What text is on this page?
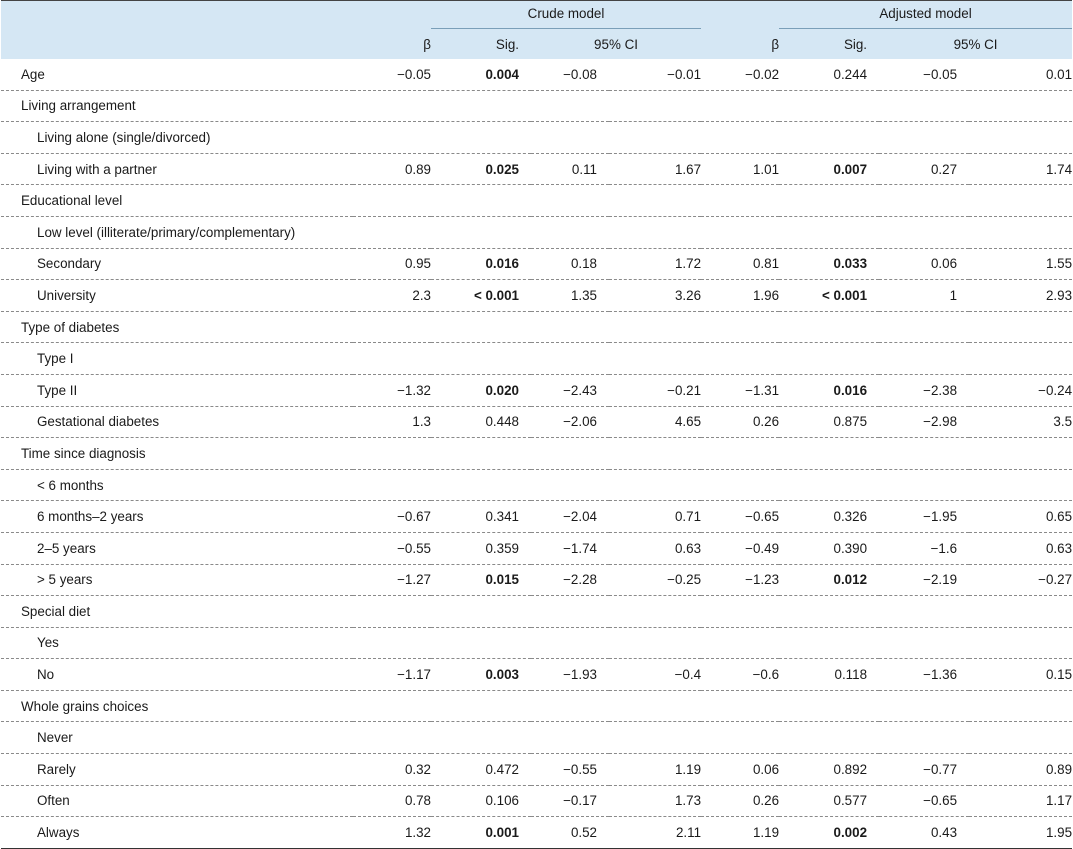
		Crude model				Adjusted model		

	β	Sig.	95% CI		β	Sig.	95% CI	
Age	−0.05	0.004	−0.08	−0.01	−0.02	0.244	−0.05	0.01
Living arrangement								
Living alone (single/divorced)								
Living with a partner	0.89	0.025	0.11	1.67	1.01	0.007	0.27	1.74
Educational level								
Low level (illiterate/primary/complementary)								
Secondary	0.95	0.016	0.18	1.72	0.81	0.033	0.06	1.55
University	2.3	< 0.001	1.35	3.26	1.96	< 0.001	1	2.93
Type of diabetes								
Type I								
Type II	−1.32	0.020	−2.43	−0.21	−1.31	0.016	−2.38	−0.24
Gestational diabetes	1.3	0.448	−2.06	4.65	0.26	0.875	−2.98	3.5
Time since diagnosis								
< 6 months								
6 months–2 years	−0.67	0.341	−2.04	0.71	−0.65	0.326	−1.95	0.65
2–5 years	−0.55	0.359	−1.74	0.63	−0.49	0.390	−1.6	0.63
> 5 years	−1.27	0.015	−2.28	−0.25	−1.23	0.012	−2.19	−0.27
Special diet								
Yes								
No	−1.17	0.003	−1.93	−0.4	−0.6	0.118	−1.36	0.15
Whole grains choices								
Never								
Rarely	0.32	0.472	−0.55	1.19	0.06	0.892	−0.77	0.89
Often	0.78	0.106	−0.17	1.73	0.26	0.577	−0.65	1.17
Always	1.32	0.001	0.52	2.11	1.19	0.002	0.43	1.95
